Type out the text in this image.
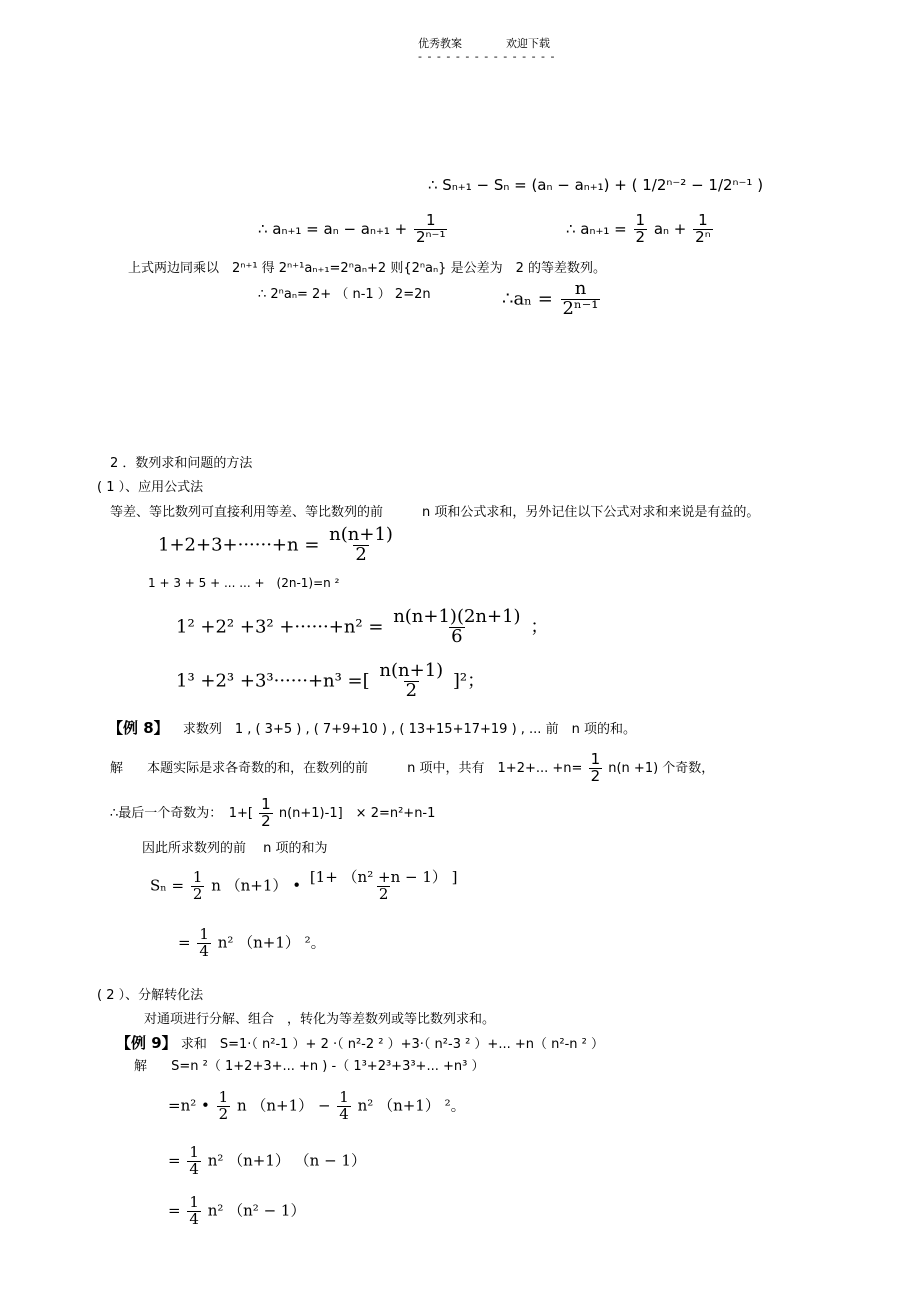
优秀教案	欢迎下载
- - - - - - - - - - - - - - -
∴ Sₙ₊₁ − Sₙ = (aₙ − aₙ₊₁) + ( 1/2ⁿ⁻² − 1/2ⁿ⁻¹ )
∴ $a_{n+1} = a_n - a_{n+1} + \frac{1}{\text{2ⁿ⁻¹}}$	∴ $a_{n+1} = \frac{1}{2}$ $a_n + \frac{1}{\text{2ⁿ}}$
上式两边同乘以　2ⁿ⁺¹ 得 2ⁿ⁺¹aₙ₊₁=2ⁿaₙ+2 则{2ⁿaₙ} 是公差为　2 的等差数列。
∴ 2ⁿaₙ= 2+ （ n-1 ） 2=2n	∴aₙ = $\frac{n}{\text{2ⁿ⁻¹}}$
2 ．数列求和问题的方法
( 1 ）、应用公式法
等差、等比数列可直接利用等差、等比数列的前　　　n 项和公式求和，另外记住以下公式对求和来说是有益的。
$1+2+3+\cdot\cdot\cdot\cdot\cdot\cdot+n = \frac{n(n+1)}{2}$
1 + 3 + 5 + ... ... +　(2n-1)=n ²
$1^2 +2^2 +3^2 +\cdot\cdot\cdot\cdot\cdot\cdot+n^2 = \frac{n(n+1)(2n+1)}{6}$ ；
1³ +2³ +3³······+n³ =[ $\frac{n(n+1)}{2} ]^2$；
【例 8】 求数列　1 , ( 3+5 ) , ( 7+9+10 ) , ( 13+15+17+19 ) , ... 前　n 项的和。
解 本题实际是求各奇数的和，在数列的前　　　n 项中，共有　1+2+... $+n= \frac{1}{2} n(n +1)$ 个奇数，
∴最后一个奇数为：　$1+[ \frac{1}{2} n(n+1)-1]$　× 2=n²+n-1
因此所求数列的前　 n 项的和为
$S_n = \frac{1}{2}$ n （n+1） • $\frac{\text{[1+ （n² +n − 1） ]}}{2}$
= $\frac{1}{4} n^2$ （n+1） ²。
( 2 ）、分解转化法
对通项进行分解、组合　，转化为等差数列或等比数列求和。
【例 9】 求和　S=1·（ n²-1 ）+ 2 ·（ n²-2 ² ）+3·（ n²-3 ² ）+... +n（ n²-n ² ）
解 S=n ²（ 1+2+3+... +n ) -（ 1³+2³+3³+... +n³ ）
=n² • $\frac{1}{2}$ n $(n+1) - \frac{1}{4} n^2$ （n+1） ²。
= $\frac{1}{4} n^2$ （n+1） （n − 1）
= $\frac{1}{4} n^2$ （n² − 1）
